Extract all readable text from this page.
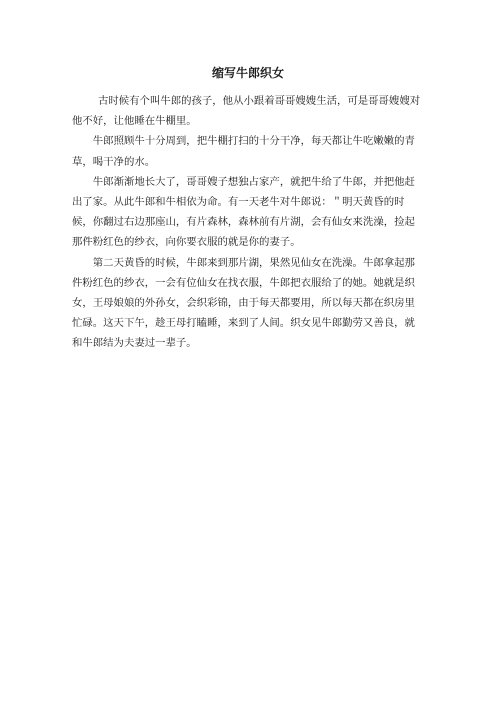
缩写牛郎织女

古时候有个叫牛郎的孩子，他从小跟着哥哥嫂嫂生活，可是哥哥嫂嫂对他不好，让他睡在牛棚里。

牛郎照顾牛十分周到，把牛棚打扫的十分干净，每天都让牛吃嫩嫩的青草，喝干净的水。

牛郎渐渐地长大了，哥哥嫂子想独占家产，就把牛给了牛郎，并把他赶出了家。从此牛郎和牛相依为命。有一天老牛对牛郎说：＂明天黄昏的时候，你翻过右边那座山，有片森林，森林前有片湖，会有仙女来洗澡，捡起那件粉红色的纱衣，向你要衣服的就是你的妻子。

第二天黄昏的时候，牛郎来到那片湖，果然见仙女在洗澡。牛郎拿起那件粉红色的纱衣，一会有位仙女在找衣服，牛郎把衣服给了的她。她就是织女，王母娘娘的外孙女，会织彩锦，由于每天都要用，所以每天都在织房里忙碌。这天下午，趁王母打瞌睡，来到了人间。织女见牛郎勤劳又善良，就和牛郎结为夫妻过一辈子。
